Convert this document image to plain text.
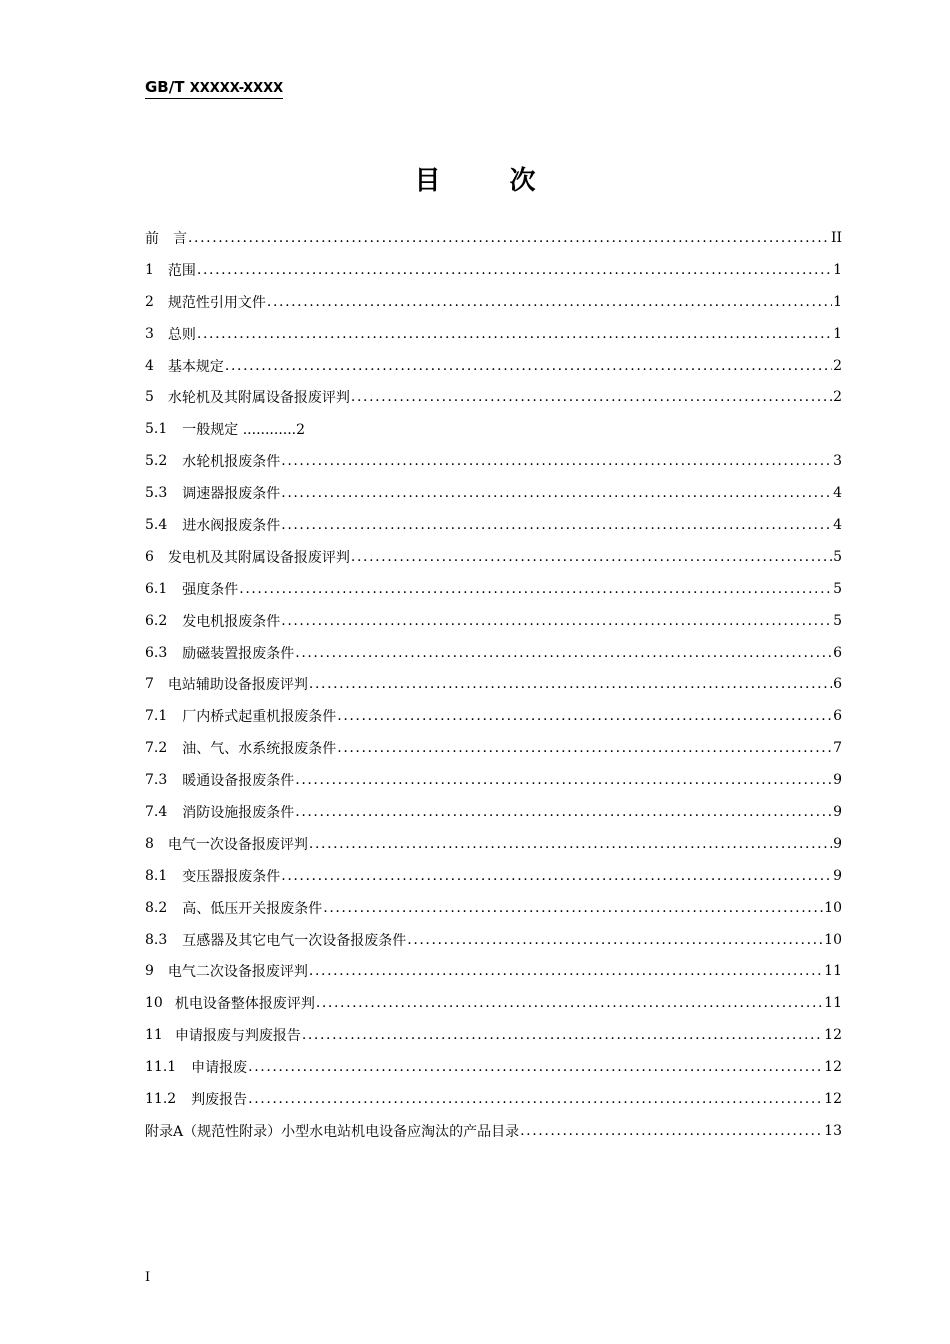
GB/T XXXXX-XXXX
目 次
前　言 .....	II
1 范围 .....	1
2 规范性引用文件 .....	1
3 总则 .....	1
4 基本规定 .....	2
5 水轮机及其附属设备报废评判 .....	2
5.1 一般规定 ............2
5.2 水轮机报废条件 .....	3
5.3 调速器报废条件 .....	4
5.4 进水阀报废条件 .....	4
6 发电机及其附属设备报废评判 .....	5
6.1 强度条件 .....	5
6.2 发电机报废条件 .....	5
6.3 励磁装置报废条件 .....	6
7 电站辅助设备报废评判 .....	6
7.1 厂内桥式起重机报废条件 .....	6
7.2 油、气、水系统报废条件 .....	7
7.3 暖通设备报废条件 .....	9
7.4 消防设施报废条件 .....	9
8 电气一次设备报废评判 .....	9
8.1 变压器报废条件 .....	9
8.2 高、低压开关报废条件 .....	10
8.3 互感器及其它电气一次设备报废条件 .....	10
9 电气二次设备报废评判 .....	11
10 机电设备整体报废评判 .....	11
11 申请报废与判废报告 .....	12
11.1 申请报废 .....	12
11.2 判废报告 .....	12
附录A （规范性附录）小型水电站机电设备应淘汰的产品目录 .....	13
I
